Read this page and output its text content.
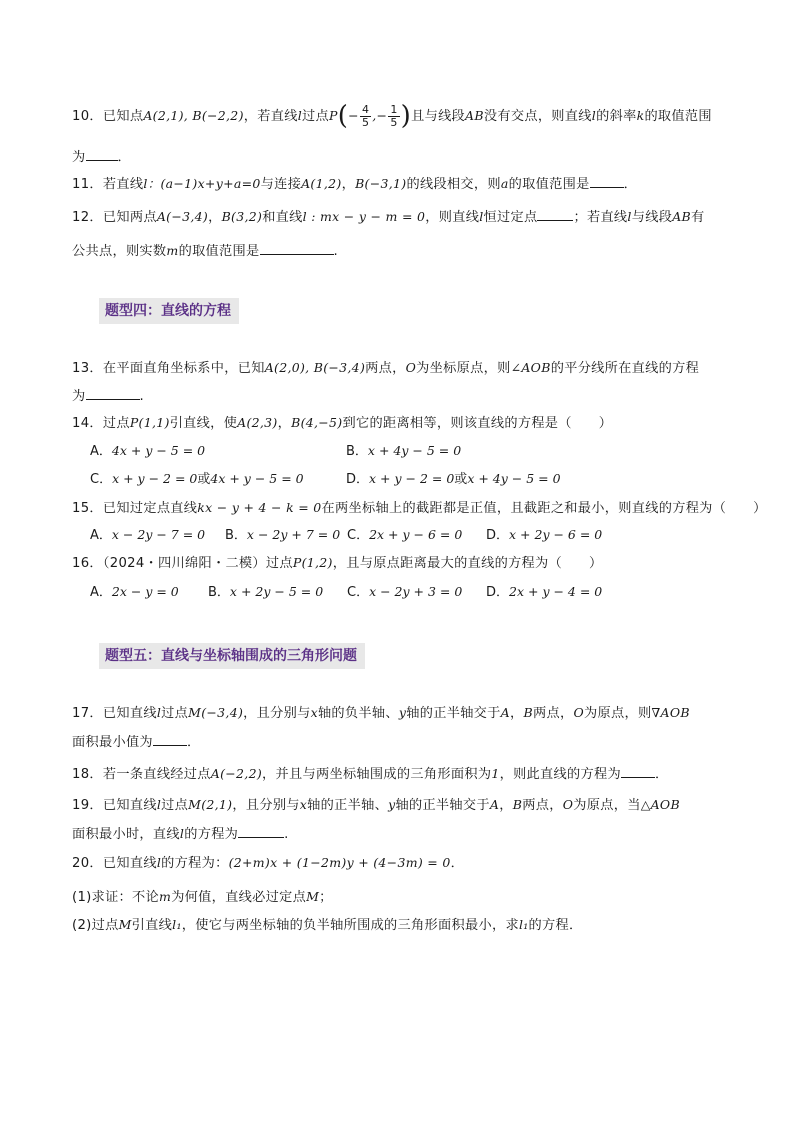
10．已知点A(2,1), B(−2,2)，若直线l过点$P(- \frac{4}{5}$ ,− $\frac{1}{5}$ )且与线段AB没有交点，则直线l的斜率k的取值范围
为 ．
11．若直线l：(a−1)x+y+a=0与连接A(1,2)，B(−3,1)的线段相交，则a的取值范围是	．
12．已知两点A(−3,4)，B(3,2)和直线l : mx − y − m = 0，则直线l恒过定点	；若直线l与线段AB有
公共点，则实数m的取值范围是	.
题型四：直线的方程
13．在平面直角坐标系中，已知A(2,0), B(−3,4)两点，O为坐标原点，则∠AOB的平分线所在直线的方程
为	.
14．过点P(1,1)引直线，使A(2,3)，B(4,−5)到它的距离相等，则该直线的方程是（　　）
A．4x + y − 5 = 0	B．x + 4y − 5 = 0
C．x + y − 2 = 0或4x + y − 5 = 0	D．x + y − 2 = 0或x + 4y − 5 = 0
15．已知过定点直线kx − y + 4 − k = 0在两坐标轴上的截距都是正值，且截距之和最小，则直线的方程为（　　）
A．x − 2y − 7 = 0 B．x − 2y + 7 = 0 C．2x + y − 6 = 0 D．x + 2y − 6 = 0
16．（2024・四川绵阳・二模）过点P(1,2)，且与原点距离最大的直线的方程为（　　）
A．2x − y = 0 B．x + 2y − 5 = 0 C．x − 2y + 3 = 0 D．2x + y − 4 = 0
题型五：直线与坐标轴围成的三角形问题
17．已知直线l过点M(−3,4)，且分别与x轴的负半轴、y轴的正半轴交于A，B两点，O为原点，则∇AOB
面积最小值为	．
18．若一条直线经过点A(−2,2)，并且与两坐标轴围成的三角形面积为1，则此直线的方程为	．
19．已知直线l过点M(2,1)，且分别与x轴的正半轴、y轴的正半轴交于A，B两点，O为原点，当△AOB
面积最小时，直线l的方程为	.
20．已知直线l的方程为：(2+m)x + (1−2m)y + (4−3m) = 0．
(1)求证：不论m为何值，直线必过定点M；
(2)过点M引直线l₁，使它与两坐标轴的负半轴所围成的三角形面积最小，求l₁的方程．
